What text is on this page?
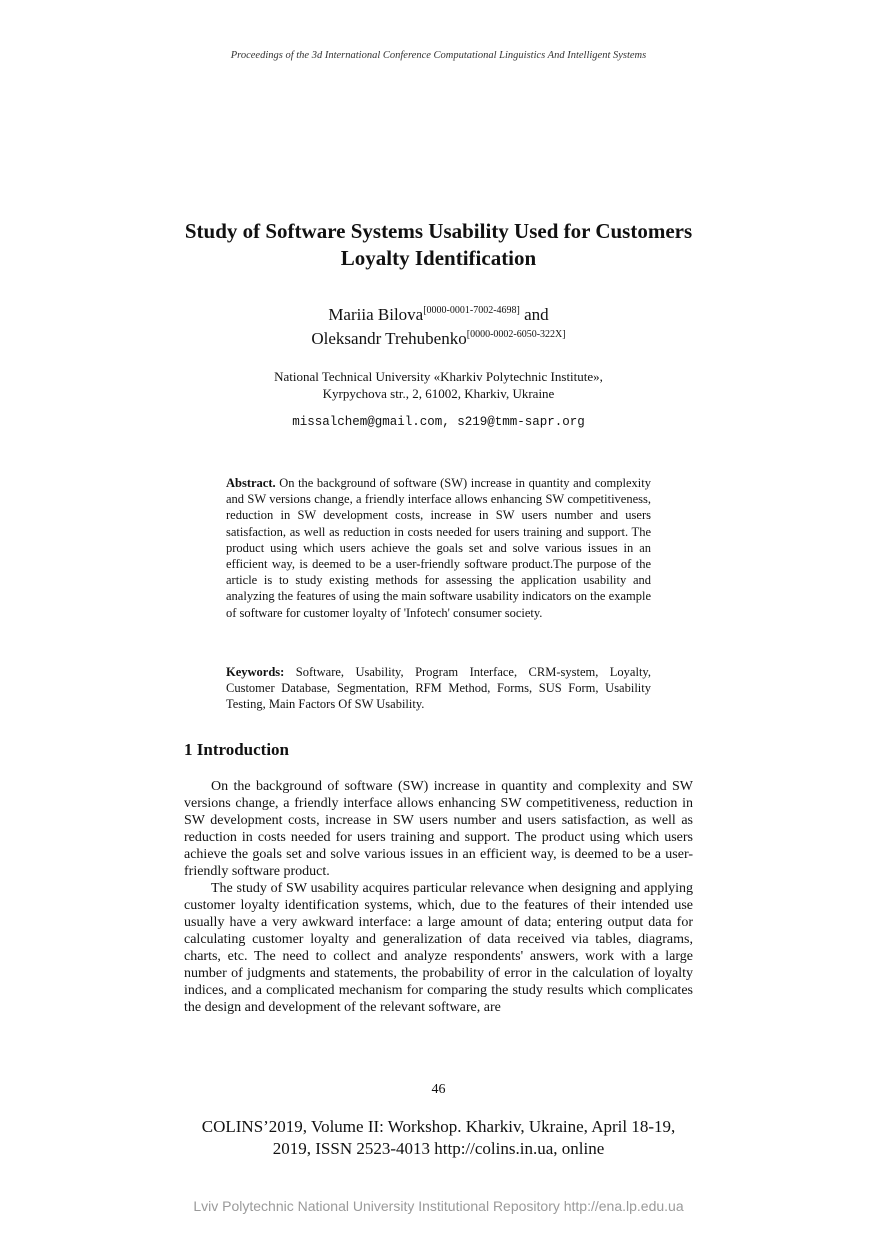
Proceedings of the 3d International Conference Computational Linguistics And Intelligent Systems
Study of Software Systems Usability Used for Customers
Loyalty Identification
Mariia Bilova[0000-0001-7002-4698] and
Oleksandr Trehubenko[0000-0002-6050-322X]
National Technical University «Kharkiv Polytechnic Institute»,
Kyrpychova str., 2, 61002, Kharkiv, Ukraine
missalchem@gmail.com, s219@tmm-sapr.org
Abstract. On the background of software (SW) increase in quantity and complexity and SW versions change, a friendly interface allows enhancing SW competitiveness, reduction in SW development costs, increase in SW users number and users satisfaction, as well as reduction in costs needed for users training and support. The product using which users achieve the goals set and solve various issues in an efficient way, is deemed to be a user-friendly software product.The purpose of the article is to study existing methods for assessing the application usability and analyzing the features of using the main software usability indicators on the example of software for customer loyalty of 'Infotech' consumer society.
Keywords: Software, Usability, Program Interface, CRM-system, Loyalty, Customer Database, Segmentation, RFM Method, Forms, SUS Form, Usability Testing, Main Factors Of SW Usability.
1 Introduction

On the background of software (SW) increase in quantity and complexity and SW versions change, a friendly interface allows enhancing SW competitiveness, reduction in SW development costs, increase in SW users number and users satisfaction, as well as reduction in costs needed for users training and support. The product using which users achieve the goals set and solve various issues in an efficient way, is deemed to be a user-friendly software product.

The study of SW usability acquires particular relevance when designing and applying customer loyalty identification systems, which, due to the features of their intended use usually have a very awkward interface: a large amount of data; entering output data for calculating customer loyalty and generalization of data received via tables, diagrams, charts, etc. The need to collect and analyze respondents' answers, work with a large number of judgments and statements, the probability of error in the calculation of loyalty indices, and a complicated mechanism for comparing the study results which complicates the design and development of the relevant software, are

46
COLINS’2019, Volume II: Workshop. Kharkiv, Ukraine, April 18-19,
2019, ISSN 2523-4013 http://colins.in.ua, online
Lviv Polytechnic National University Institutional Repository http://ena.lp.edu.ua
